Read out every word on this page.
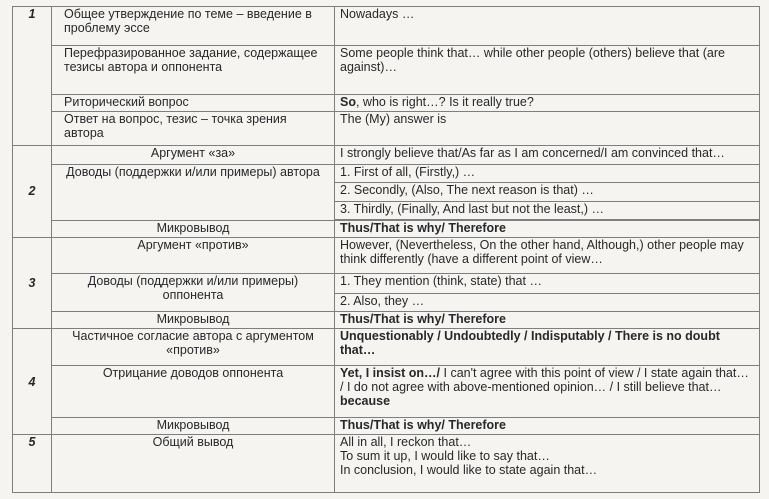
1	Общее утверждение по теме – введение в проблему эссе	Nowadays …
	Перефразированное задание, содержащее тезисы автора и оппонента	Some people think that… while other people (others) believe that (are against)…
	Риторический вопрос	So, who is right…? Is it really true?
	Ответ на вопрос, тезис – точка зрения автора	The (My) answer is
2	Аргумент «за»	I strongly believe that/As far as I am concerned/I am convinced that…
	Доводы (поддержки и/или примеры) автора	1. First of all, (Firstly,) …
		2. Secondly, (Also, The next reason is that) …
		3. Thirdly, (Finally, And last but not the least,) …

	Микровывод	Thus/That is why/ Therefore
3	Аргумент «против»	However, (Nevertheless, On the other hand, Although,) other people may think differently (have a different point of view…
	Доводы (поддержки и/или примеры) оппонента	1. They mention (think, state) that …
		2. Also, they …
	Микровывод	Thus/That is why/ Therefore
4	Частичное согласие автора с аргументом «против»	Unquestionably / Undoubtedly / Indisputably / There is no doubt that…
	Отрицание доводов оппонента	Yet, I insist on…/ I can't agree with this point of view / I state again that… / I do not agree with above-mentioned opinion… / I still believe that…because
	Микровывод	Thus/That is why/ Therefore
5	Общий вывод	All in all, I reckon that…
To sum it up, I would like to say that…
In conclusion, I would like to state again that…
